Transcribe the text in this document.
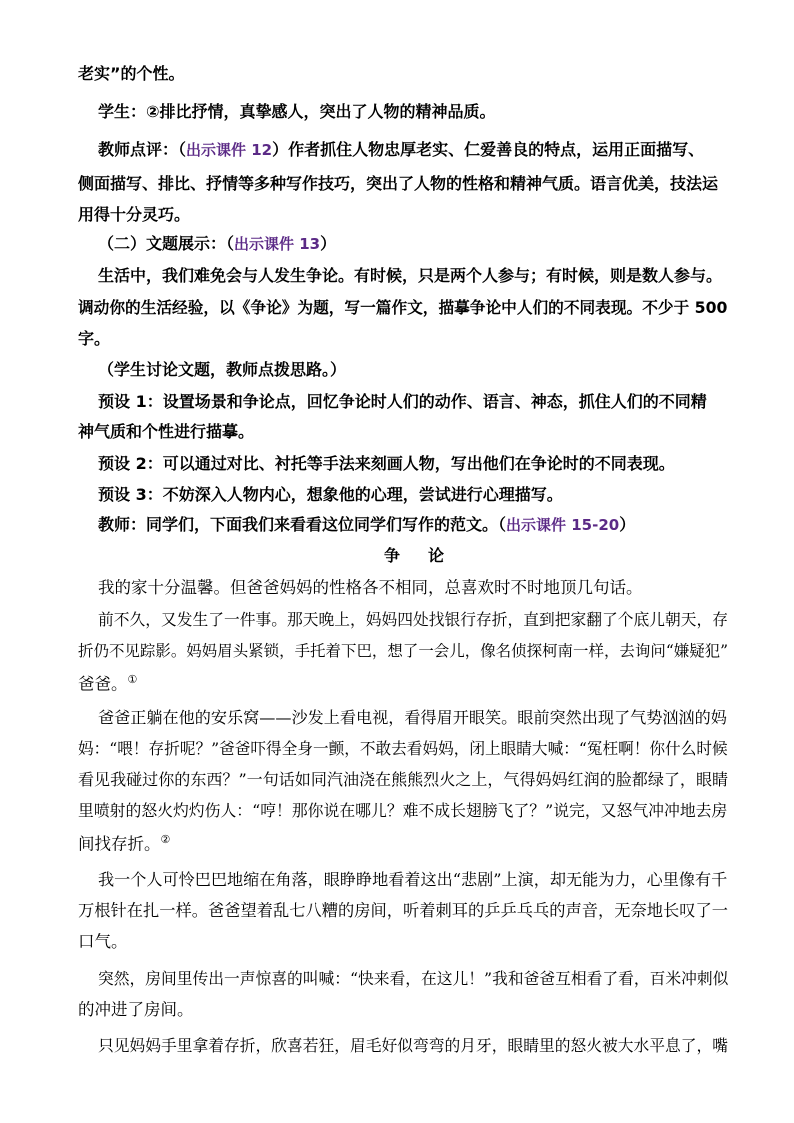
老实”的个性。
学生：②排比抒情，真挚感人，突出了人物的精神品质。
教师点评：（出示课件 12）作者抓住人物忠厚老实、仁爱善良的特点，运用正面描写、
侧面描写、排比、抒情等多种写作技巧，突出了人物的性格和精神气质。语言优美，技法运
用得十分灵巧。
（二）文题展示：（出示课件 13）
生活中，我们难免会与人发生争论。有时候，只是两个人参与；有时候，则是数人参与。
调动你的生活经验，以《争论》为题，写一篇作文，描摹争论中人们的不同表现。不少于 500
字。
（学生讨论文题，教师点拨思路。）
预设 1：设置场景和争论点，回忆争论时人们的动作、语言、神态，抓住人们的不同精
神气质和个性进行描摹。
预设 2：可以通过对比、衬托等手法来刻画人物，写出他们在争论时的不同表现。
预设 3：不妨深入人物内心，想象他的心理，尝试进行心理描写。
教师：同学们，下面我们来看看这位同学们写作的范文。（出示课件 15-20）
争 论
我的家十分温馨。但爸爸妈妈的性格各不相同，总喜欢时不时地顶几句话。
前不久，又发生了一件事。那天晚上，妈妈四处找银行存折，直到把家翻了个底儿朝天，存
折仍不见踪影。妈妈眉头紧锁，手托着下巴，想了一会儿，像名侦探柯南一样，去询问“嫌疑犯”
爸爸。①
爸爸正躺在他的安乐窝——沙发上看电视，看得眉开眼笑。眼前突然出现了气势汹汹的妈
妈：“喂！存折呢？”爸爸吓得全身一颤，不敢去看妈妈，闭上眼睛大喊：“冤枉啊！你什么时候
看见我碰过你的东西？”一句话如同汽油浇在熊熊烈火之上，气得妈妈红润的脸都绿了，眼睛
里喷射的怒火灼灼伤人：“哼！那你说在哪儿？难不成长翅膀飞了？”说完，又怒气冲冲地去房
间找存折。②
我一个人可怜巴巴地缩在角落，眼睁睁地看着这出“悲剧”上演，却无能为力，心里像有千
万根针在扎一样。爸爸望着乱七八糟的房间，听着刺耳的乒乒乓乓的声音，无奈地长叹了一
口气。
突然，房间里传出一声惊喜的叫喊：“快来看，在这儿！”我和爸爸互相看了看，百米冲刺似
的冲进了房间。
只见妈妈手里拿着存折，欣喜若狂，眉毛好似弯弯的月牙，眼睛里的怒火被大水平息了，嘴
